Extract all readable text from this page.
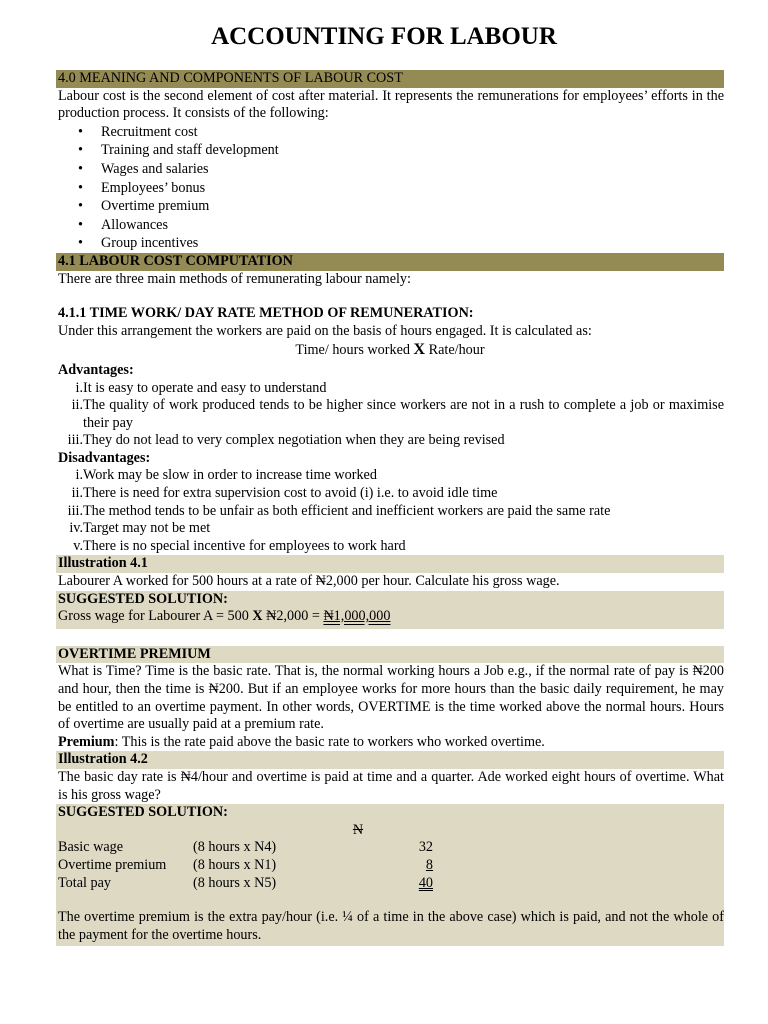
ACCOUNTING FOR LABOUR
4.0 MEANING AND COMPONENTS OF LABOUR COST
Labour cost is the second element of cost after material. It represents the remunerations for employees’ efforts in the production process. It consists of the following:
• Recruitment cost
• Training and staff development
• Wages and salaries
• Employees’ bonus
• Overtime premium
• Allowances
• Group incentives
4.1 LABOUR COST COMPUTATION
There are three main methods of remunerating labour namely:
4.1.1 TIME WORK/ DAY RATE METHOD OF REMUNERATION:
Under this arrangement the workers are paid on the basis of hours engaged. It is calculated as:
Time/ hours worked X Rate/hour
Advantages:
i. It is easy to operate and easy to understand
ii. The quality of work produced tends to be higher since workers are not in a rush to complete a job or maximise their pay
iii. They do not lead to very complex negotiation when they are being revised
Disadvantages:
i. Work may be slow in order to increase time worked
ii. There is need for extra supervision cost to avoid (i) i.e. to avoid idle time
iii. The method tends to be unfair as both efficient and inefficient workers are paid the same rate
iv. Target may not be met
v. There is no special incentive for employees to work hard
Illustration 4.1
Labourer A worked for 500 hours at a rate of ₦2,000 per hour. Calculate his gross wage.
SUGGESTED SOLUTION:
Gross wage for Labourer A = 500 X ₦2,000 = ₦1,000,000
OVERTIME PREMIUM
What is Time? Time is the basic rate. That is, the normal working hours a Job e.g., if the normal rate of pay is ₦200 and hour, then the time is ₦200. But if an employee works for more hours than the basic daily requirement, he may be entitled to an overtime payment. In other words, OVERTIME is the time worked above the normal hours. Hours of overtime are usually paid at a premium rate.
Premium: This is the rate paid above the basic rate to workers who worked overtime.
Illustration 4.2
The basic day rate is ₦4/hour and overtime is paid at time and a quarter. Ade worked eight hours of overtime. What is his gross wage?
SUGGESTED SOLUTION:
		N		
Basic wage	(8 hours x N4)		32	
Overtime premium	(8 hours x N1)		8	
Total pay	(8 hours x N5)		40	
The overtime premium is the extra pay/hour (i.e. ¼ of a time in the above case) which is paid, and not the whole of the payment for the overtime hours.
